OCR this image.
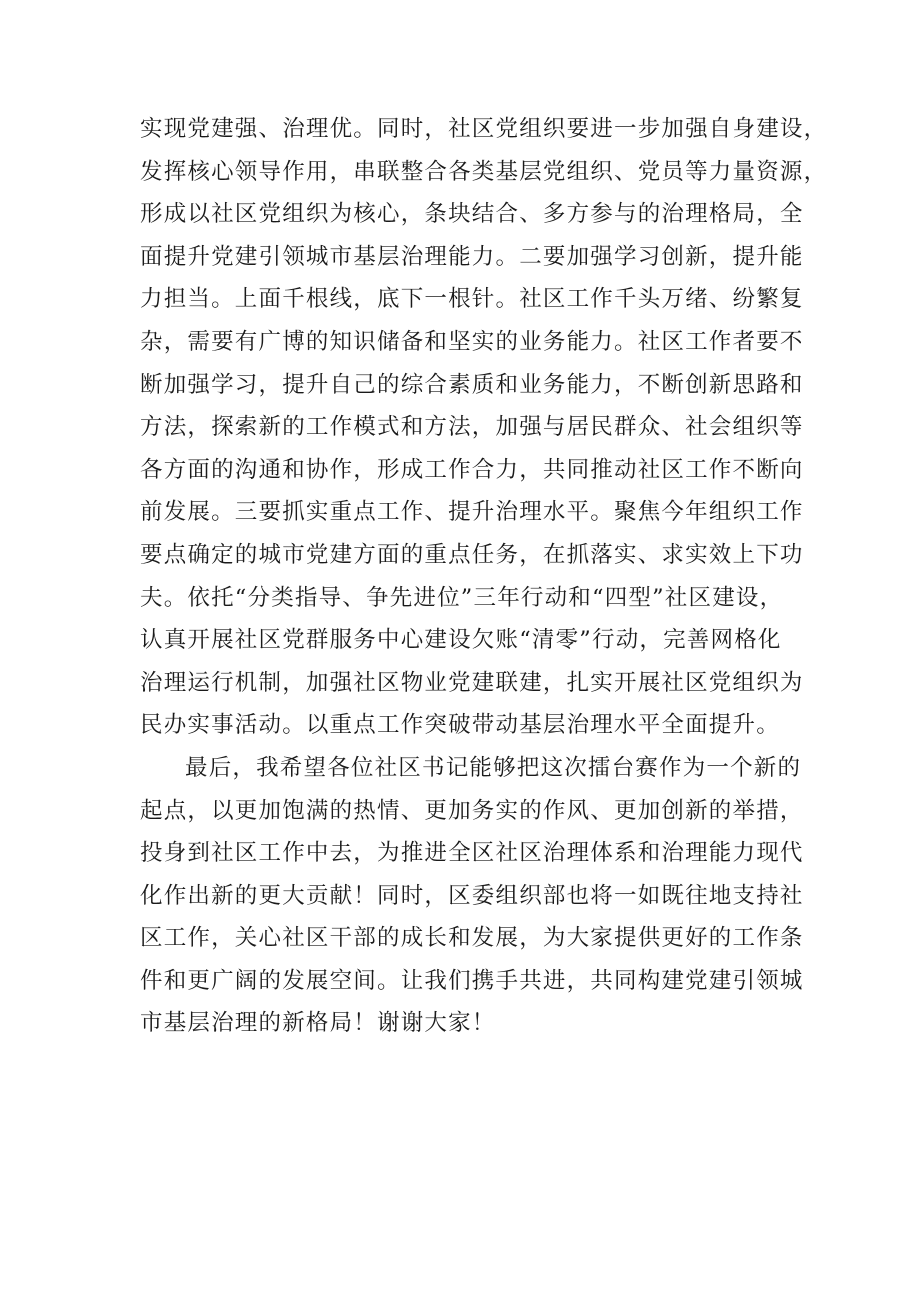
实现党建强、治理优。同时，社区党组织要进一步加强自身建设，
发挥核心领导作用，串联整合各类基层党组织、党员等力量资源，
形成以社区党组织为核心，条块结合、多方参与的治理格局，全
面提升党建引领城市基层治理能力。二要加强学习创新，提升能
力担当。上面千根线，底下一根针。社区工作千头万绪、纷繁复
杂，需要有广博的知识储备和坚实的业务能力。社区工作者要不
断加强学习，提升自己的综合素质和业务能力，不断创新思路和
方法，探索新的工作模式和方法，加强与居民群众、社会组织等
各方面的沟通和协作，形成工作合力，共同推动社区工作不断向
前发展。三要抓实重点工作、提升治理水平。聚焦今年组织工作
要点确定的城市党建方面的重点任务，在抓落实、求实效上下功
夫。依托“分类指导、争先进位”三年行动和“四型”社区建设，
认真开展社区党群服务中心建设欠账“清零”行动，完善网格化
治理运行机制，加强社区物业党建联建，扎实开展社区党组织为
民办实事活动。以重点工作突破带动基层治理水平全面提升。
最后，我希望各位社区书记能够把这次擂台赛作为一个新的
起点，以更加饱满的热情、更加务实的作风、更加创新的举措，
投身到社区工作中去，为推进全区社区治理体系和治理能力现代
化作出新的更大贡献！同时，区委组织部也将一如既往地支持社
区工作，关心社区干部的成长和发展，为大家提供更好的工作条
件和更广阔的发展空间。让我们携手共进，共同构建党建引领城
市基层治理的新格局！谢谢大家！
